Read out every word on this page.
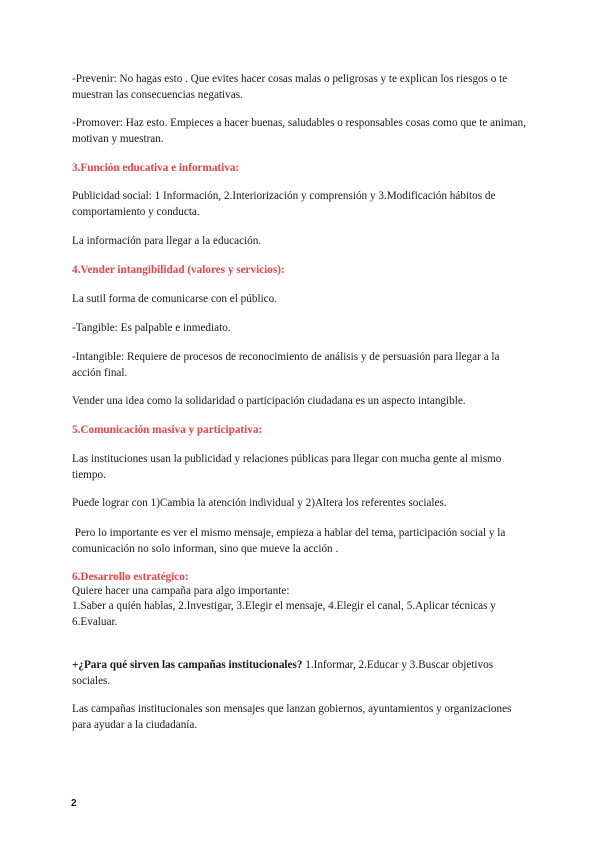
-Prevenir: No hagas esto . Que evites hacer cosas malas o peligrosas y te explican los riesgos o te muestran las consecuencias negativas.

-Promover: Haz esto. Empieces a hacer buenas, saludables o responsables cosas como que te animan, motivan y muestran.

3.Función educativa e informativa:

Publicidad social: 1 Información, 2.Interiorización y comprensión y 3.Modificación hábitos de comportamiento y conducta.

La información para llegar a la educación.

4.Vender intangibilidad (valores y servicios):

La sutil forma de comunicarse con el público.

-Tangible: Es palpable e inmediato.

-Intangible: Requiere de procesos de reconocimiento de análisis y de persuasión para llegar a la acción final.

Vender una idea como la solidaridad o participación ciudadana es un aspecto intangible.

5.Comunicación masiva y participativa:

Las instituciones usan la publicidad y relaciones públicas para llegar con mucha gente al mismo tiempo.

Puede lograr con 1)Cambia la atención individual y 2)Altera los referentes sociales.

Pero lo importante es ver el mismo mensaje, empieza a hablar del tema, participación social y la comunicación no solo informan, sino que mueve la acción .

6.Desarrollo estratégico:

Quiere hacer una campaña para algo importante:

1.Saber a quién hablas, 2.Investigar, 3.Elegir el mensaje, 4.Elegir el canal, 5.Aplicar técnicas y 6.Evaluar.

+¿Para qué sirven las campañas institucionales? 1.Informar, 2.Educar y 3.Buscar objetivos sociales.

Las campañas institucionales son mensajes que lanzan gobiernos, ayuntamientos y organizaciones para ayudar a la ciudadanía.

2
